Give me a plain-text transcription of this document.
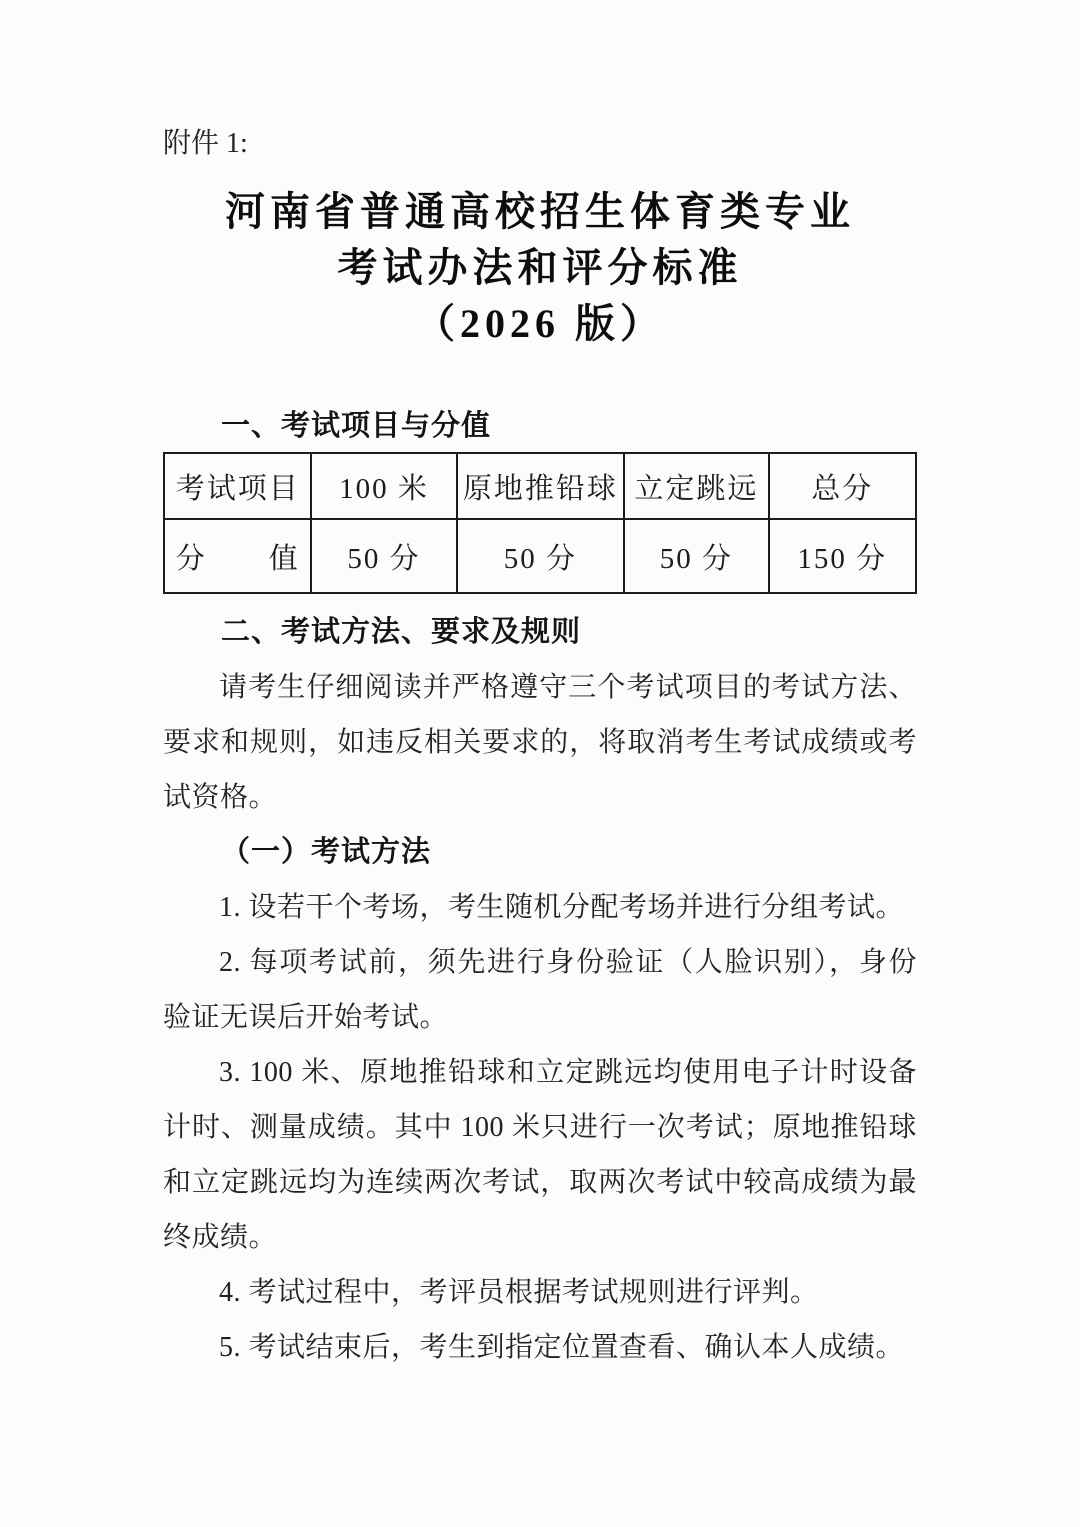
附件 1:

河南省普通高校招生体育类专业
考试办法和评分标准
（2026 版）
一、考试项目与分值
考试项目	100 米	原地推铅球	立定跳远	总分
分　　值	50 分	50 分	50 分	150 分
二、考试方法、要求及规则

请考生仔细阅读并严格遵守三个考试项目的考试方法、要求和规则，如违反相关要求的，将取消考生考试成绩或考试资格。

（一）考试方法

1. 设若干个考场，考生随机分配考场并进行分组考试。

2. 每项考试前，须先进行身份验证（人脸识别），身份验证无误后开始考试。

3. 100 米、原地推铅球和立定跳远均使用电子计时设备计时、测量成绩。其中 100 米只进行一次考试；原地推铅球和立定跳远均为连续两次考试，取两次考试中较高成绩为最终成绩。

4. 考试过程中，考评员根据考试规则进行评判。

5. 考试结束后，考生到指定位置查看、确认本人成绩。
